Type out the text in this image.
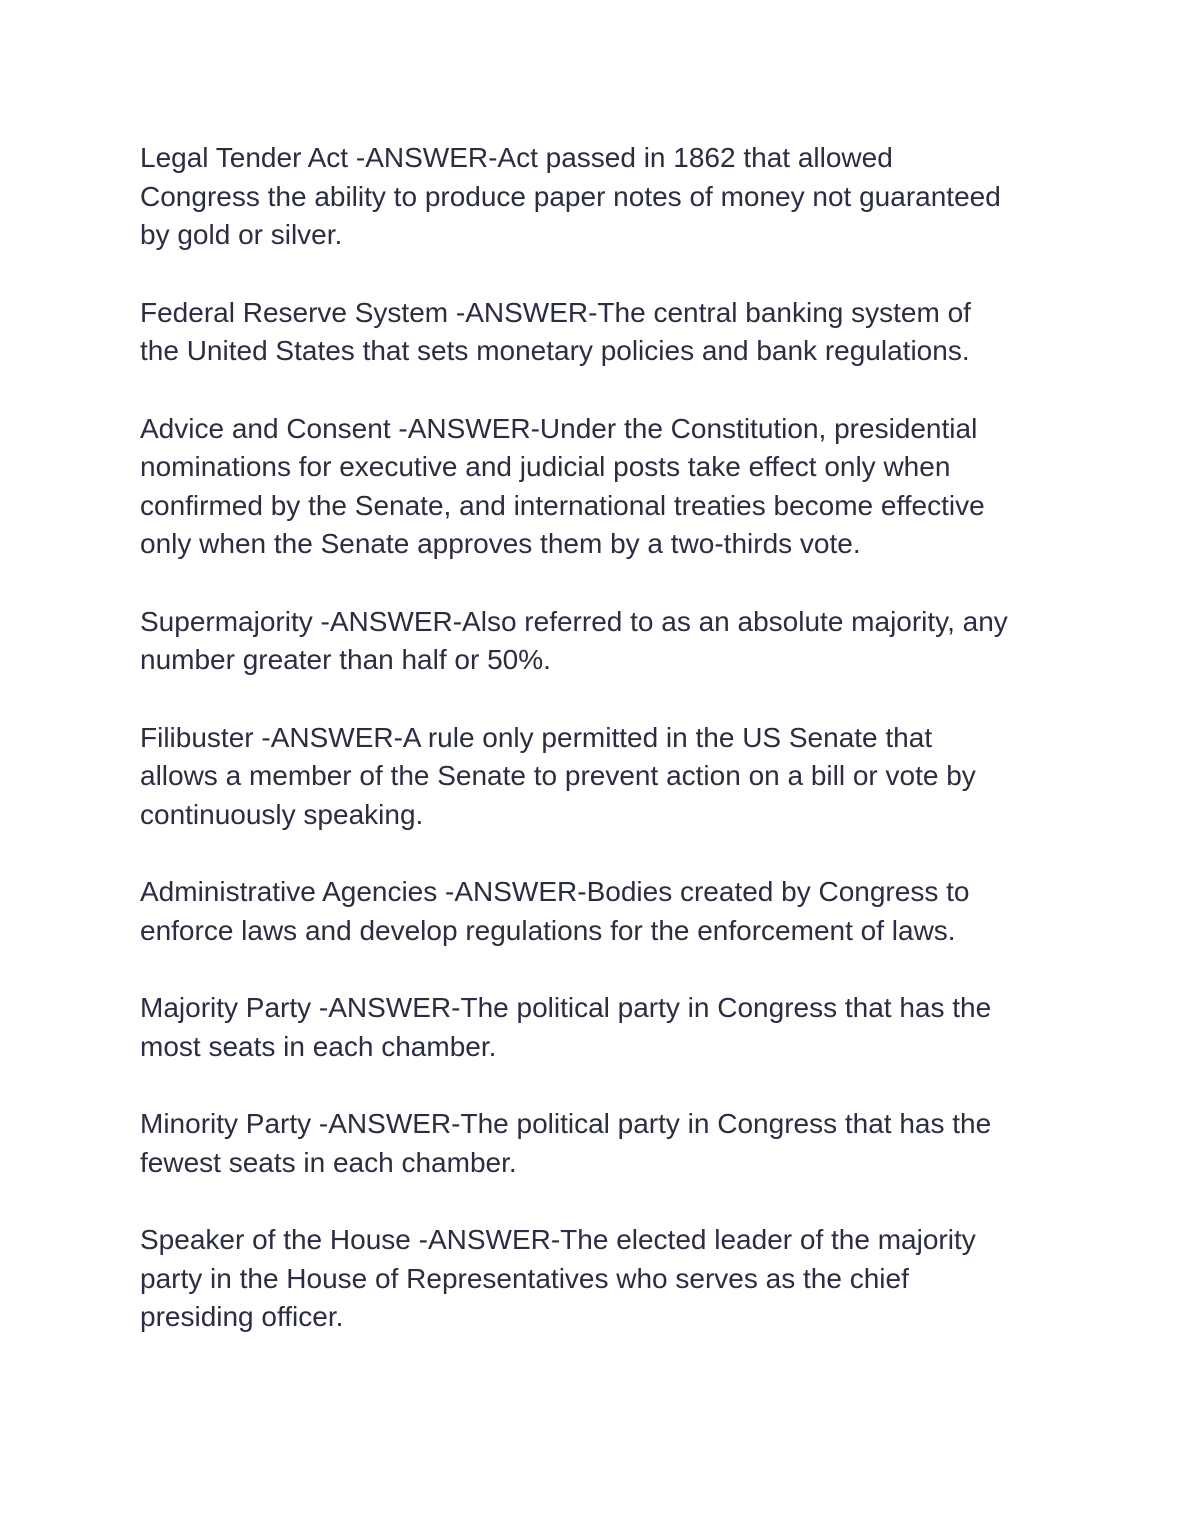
Legal Tender Act -ANSWER-Act passed in 1862 that allowed
Congress the ability to produce paper notes of money not guaranteed
by gold or silver.

Federal Reserve System -ANSWER-The central banking system of
the United States that sets monetary policies and bank regulations.

Advice and Consent -ANSWER-Under the Constitution, presidential
nominations for executive and judicial posts take effect only when
confirmed by the Senate, and international treaties become effective
only when the Senate approves them by a two-thirds vote.

Supermajority -ANSWER-Also referred to as an absolute majority, any
number greater than half or 50%.

Filibuster -ANSWER-A rule only permitted in the US Senate that
allows a member of the Senate to prevent action on a bill or vote by
continuously speaking.

Administrative Agencies -ANSWER-Bodies created by Congress to
enforce laws and develop regulations for the enforcement of laws.

Majority Party -ANSWER-The political party in Congress that has the
most seats in each chamber.

Minority Party -ANSWER-The political party in Congress that has the
fewest seats in each chamber.

Speaker of the House -ANSWER-The elected leader of the majority
party in the House of Representatives who serves as the chief
presiding officer.
